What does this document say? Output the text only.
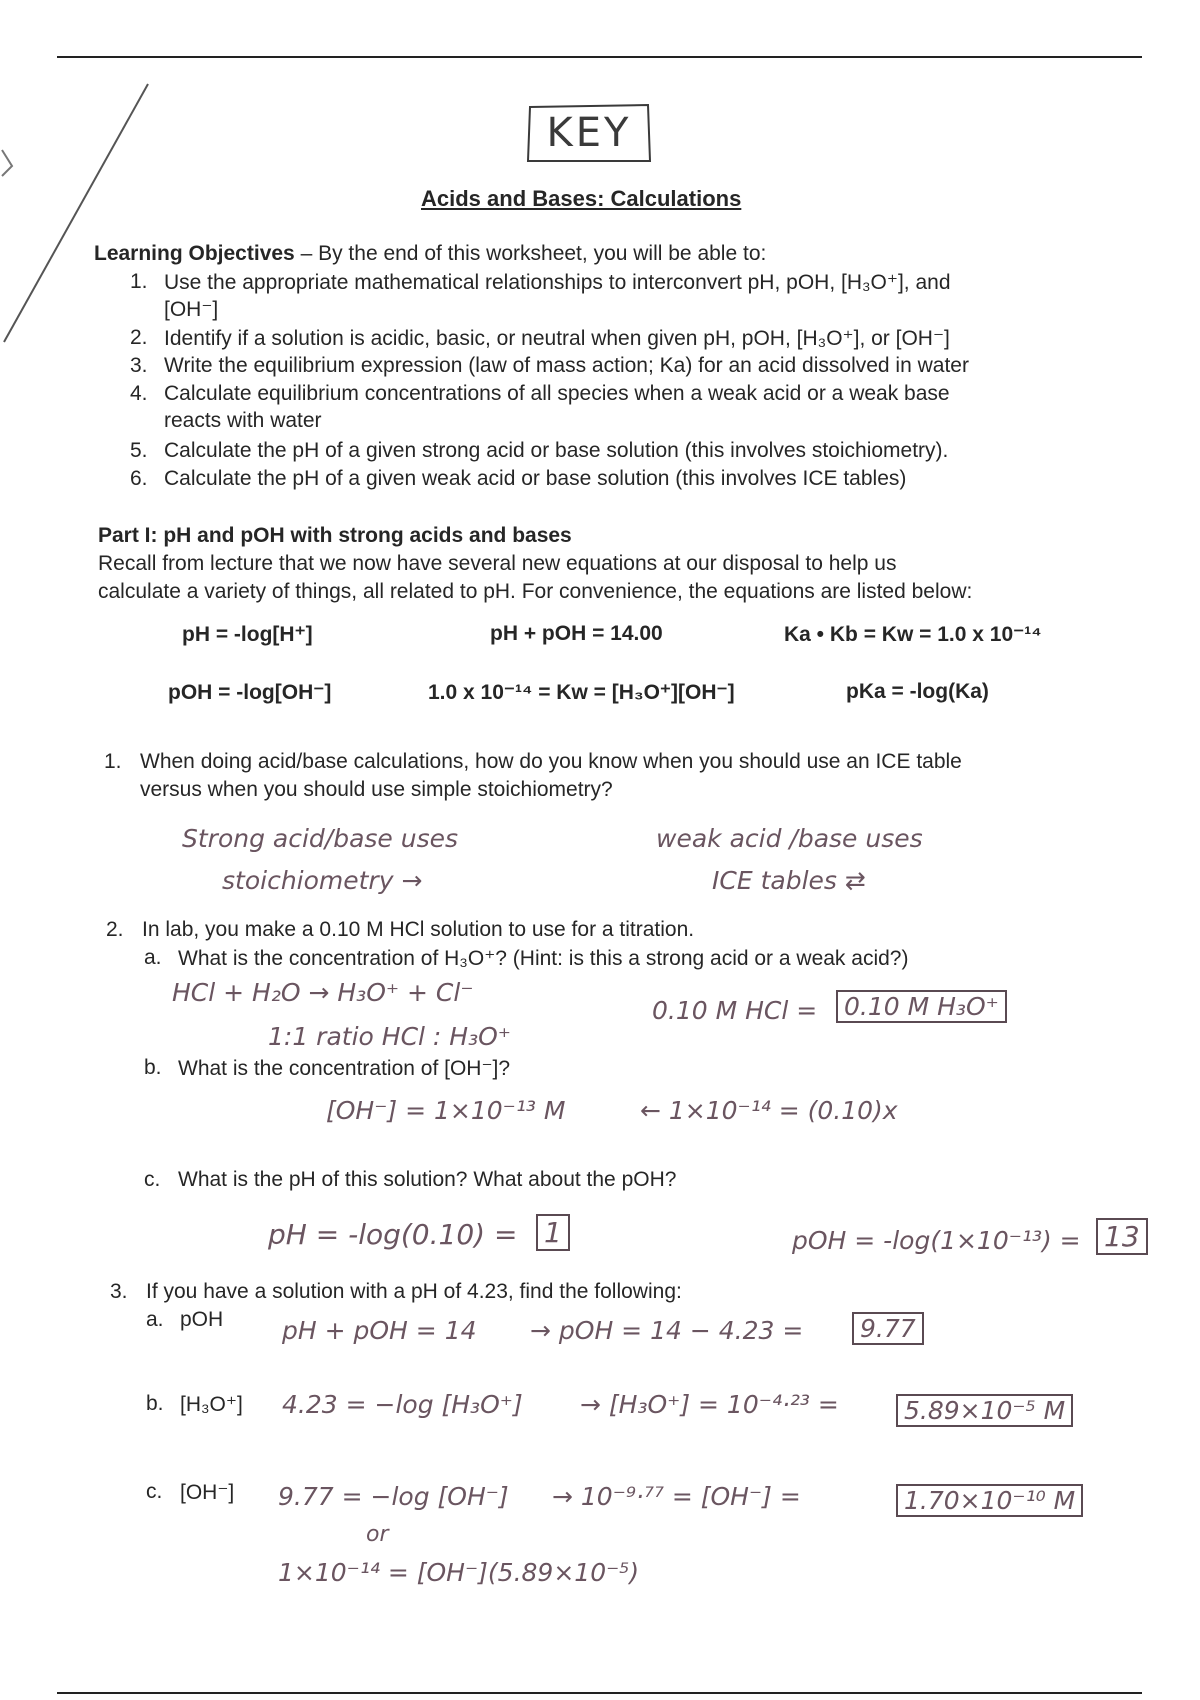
KEY
Acids and Bases: Calculations
Learning Objectives – By the end of this worksheet, you will be able to:
1. Use the appropriate mathematical relationships to interconvert pH, pOH, [H₃O⁺], and
[OH⁻]
2. Identify if a solution is acidic, basic, or neutral when given pH, pOH, [H₃O⁺], or [OH⁻]
3. Write the equilibrium expression (law of mass action; Ka) for an acid dissolved in water
4. Calculate equilibrium concentrations of all species when a weak acid or a weak base
reacts with water
5. Calculate the pH of a given strong acid or base solution (this involves stoichiometry).
6. Calculate the pH of a given weak acid or base solution (this involves ICE tables)
Part I: pH and pOH with strong acids and bases
Recall from lecture that we now have several new equations at our disposal to help us
calculate a variety of things, all related to pH. For convenience, the equations are listed below:
pH = -log[H⁺]	pH + pOH = 14.00	Ka • Kb = Kw = 1.0 x 10⁻¹⁴
pOH = -log[OH⁻]	1.0 x 10⁻¹⁴ = Kw = [H₃O⁺][OH⁻]	pKa = -log(Ka)
1. When doing acid/base calculations, how do you know when you should use an ICE table
versus when you should use simple stoichiometry?
Strong acid/base uses
stoichiometry →
weak acid /base uses
ICE tables ⇄
2. In lab, you make a 0.10 M HCl solution to use for a titration.
a. What is the concentration of H₃O⁺? (Hint: is this a strong acid or a weak acid?)
HCl + H₂O → H₃O⁺ + Cl⁻
1:1 ratio HCl : H₃O⁺
0.10 M HCl =	0.10 M H₃O⁺
b. What is the concentration of [OH⁻]?
[OH⁻] = 1×10⁻¹³ M	← 1×10⁻¹⁴ = (0.10)x
c. What is the pH of this solution? What about the pOH?
pH = -log(0.10) = 1	pOH = -log(1×10⁻¹³) = 13
3. If you have a solution with a pH of 4.23, find the following:
a. pOH pH + pOH = 14 → pOH = 14 − 4.23 =	9.77
b. [H₃O⁺] 4.23 = −log [H₃O⁺] → [H₃O⁺] = 10⁻⁴·²³ =	5.89×10⁻⁵ M
c. [OH⁻] 9.77 = −log [OH⁻] → 10⁻⁹·⁷⁷ = [OH⁻] =	1.70×10⁻¹⁰ M
or
1×10⁻¹⁴ = [OH⁻](5.89×10⁻⁵)
